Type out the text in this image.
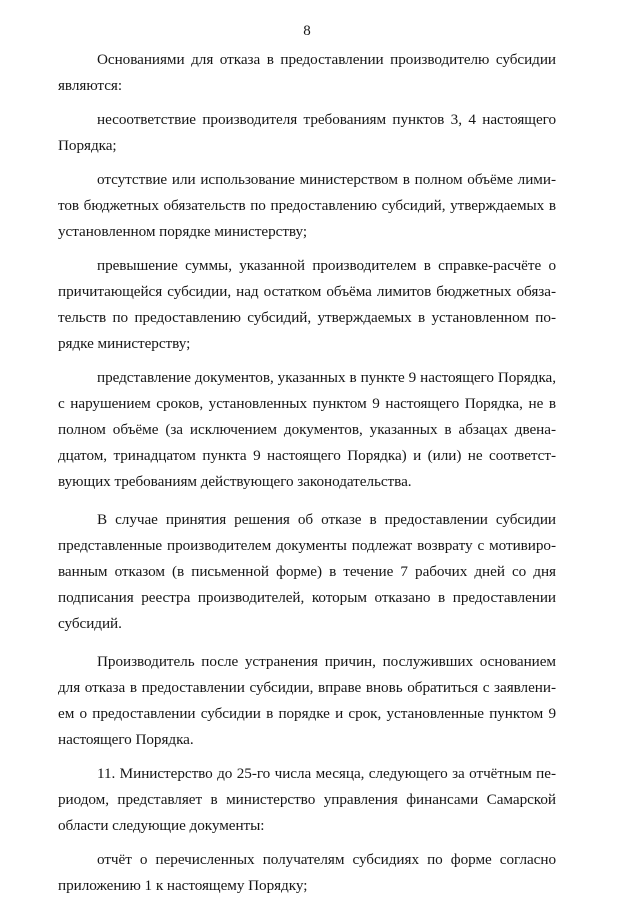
8

Основаниями для отказа в предоставлении производителю субсидии являются:

несоответствие производителя требованиям пунктов 3, 4 настоящего Порядка;

отсутствие или использование министерством в полном объёме лимитов бюджетных обязательств по предоставлению субсидий, утверждаемых в установленном порядке министерству;

превышение суммы, указанной производителем в справке-расчёте о причитающейся субсидии, над остатком объёма лимитов бюджетных обязательств по предоставлению субсидий, утверждаемых в установленном порядке министерству;

представление документов, указанных в пункте 9 настоящего Порядка, с нарушением сроков, установленных пунктом 9 настоящего Порядка, не в полном объёме (за исключением документов, указанных в абзацах двенадцатом, тринадцатом пункта 9 настоящего Порядка) и (или) не соответствующих требованиям действующего законодательства.

В случае принятия решения об отказе в предоставлении субсидии представленные производителем документы подлежат возврату с мотивированным отказом (в письменной форме) в течение 7 рабочих дней со дня подписания реестра производителей, которым отказано в предоставлении субсидий.

Производитель после устранения причин, послуживших основанием для отказа в предоставлении субсидии, вправе вновь обратиться с заявлением о предоставлении субсидии в порядке и срок, установленные пунктом 9 настоящего Порядка.

11. Министерство до 25-го числа месяца, следующего за отчётным периодом, представляет в министерство управления финансами Самарской области следующие документы:

отчёт о перечисленных получателям субсидиях по форме согласно приложению 1 к настоящему Порядку;
